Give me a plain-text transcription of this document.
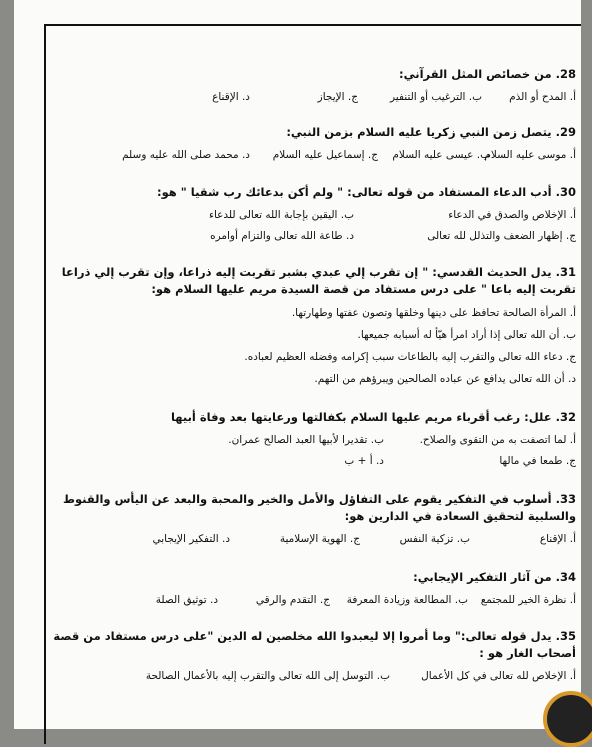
28. من خصائص المثل القرآني:
أ. المدح أو الذم
ب. الترغيب أو التنفير
ج. الإيجاز
د. الإقناع
29. يتصل زمن النبي زكريا عليه السلام بزمن النبي:
أ. موسى عليه السلام
ب. عيسى عليه السلام
ج. إسماعيل عليه السلام
د. محمد صلى الله عليه وسلم
30. أدب الدعاء المستفاد من قوله تعالى: " ولم أكن بدعائك رب شقيا " هو:
أ. الإخلاص والصدق في الدعاء
ب. اليقين بإجابة الله تعالى للدعاء
ج. إظهار الضعف والتذلل لله تعالى
د. طاعة الله تعالى والتزام أوامره
31. يدل الحديث القدسي: " إن تقرب إلي عبدي بشبر تقربت إليه ذراعا، وإن تقرب إلي ذراعا تقربت إليه باعا " على درس مستفاد من قصة السيدة مريم عليها السلام هو:
أ. المرأة الصالحة تحافظ على دينها وخلقها وتصون عفتها وطهارتها.
ب. أن الله تعالى إذا أراد امرأ هيّأ له أسبابه جميعها.
ج. دعاء الله تعالى والتقرب إليه بالطاعات سبب إكرامه وفضله العظيم لعباده.
د. أن الله تعالى يدافع عن عباده الصالحين ويبرؤهم من التهم.
32. علل: رغب أقرباء مريم عليها السلام بكفالتها ورعايتها بعد وفاة أبيها
أ. لما اتصفت به من التقوى والصلاح.
ب. تقديرا لأبيها العبد الصالح عمران.
ج. طمعا في مالها
د. أ + ب
33. أسلوب في التفكير يقوم على التفاؤل والأمل والخير والمحبة والبعد عن اليأس والقنوط والسلبية لتحقيق السعادة في الدارين هو:
أ. الإقناع
ب. تزكية النفس
ج. الهوية الإسلامية
د. التفكير الإيجابي
34. من آثار التفكير الإيجابي:
أ. نظرة الخير للمجتمع
ب. المطالعة وزيادة المعرفة
ج. التقدم والرقي
د. توثيق الصلة
35. يدل قوله تعالى:" وما أمروا إلا ليعبدوا الله مخلصين له الدين "على درس مستفاد من قصة أصحاب الغار هو :
أ. الإخلاص لله تعالى في كل الأعمال
ب. التوسل إلى الله تعالى والتقرب إليه بالأعمال الصالحة
